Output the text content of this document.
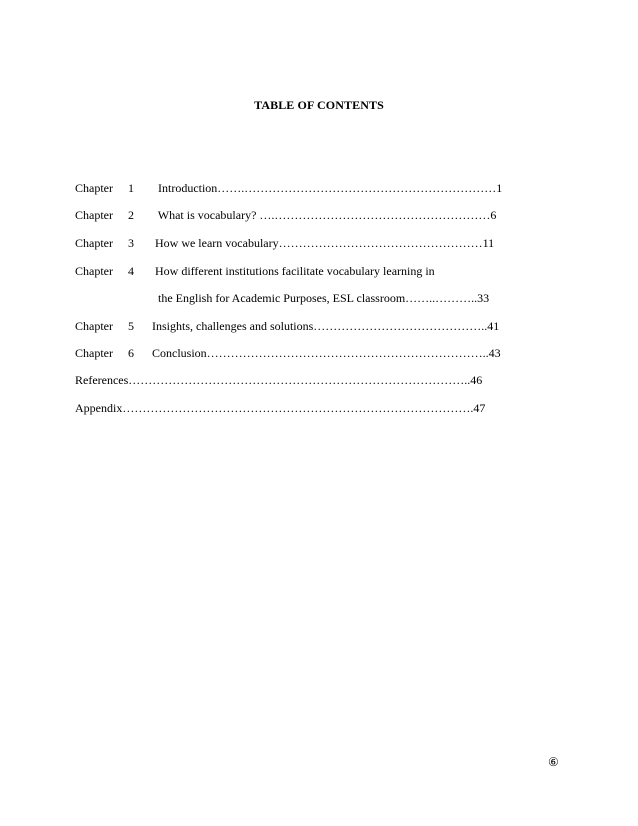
TABLE OF CONTENTS
Chapter     1        Introduction…….………………………………………………………1
Chapter     2        What is vocabulary? ….………………………………………………6
Chapter     3       How we learn vocabulary……………………………………………11
Chapter     4       How different institutions facilitate vocabulary learning in
the English for Academic Purposes, ESL classroom……..………..33
Chapter     5      Insights, challenges and solutions……………………………………..41
Chapter     6      Conclusion……………………………………………………………..43
References…………………………………………………………………………..46
Appendix…………………………………………………………………………….47
⑥
